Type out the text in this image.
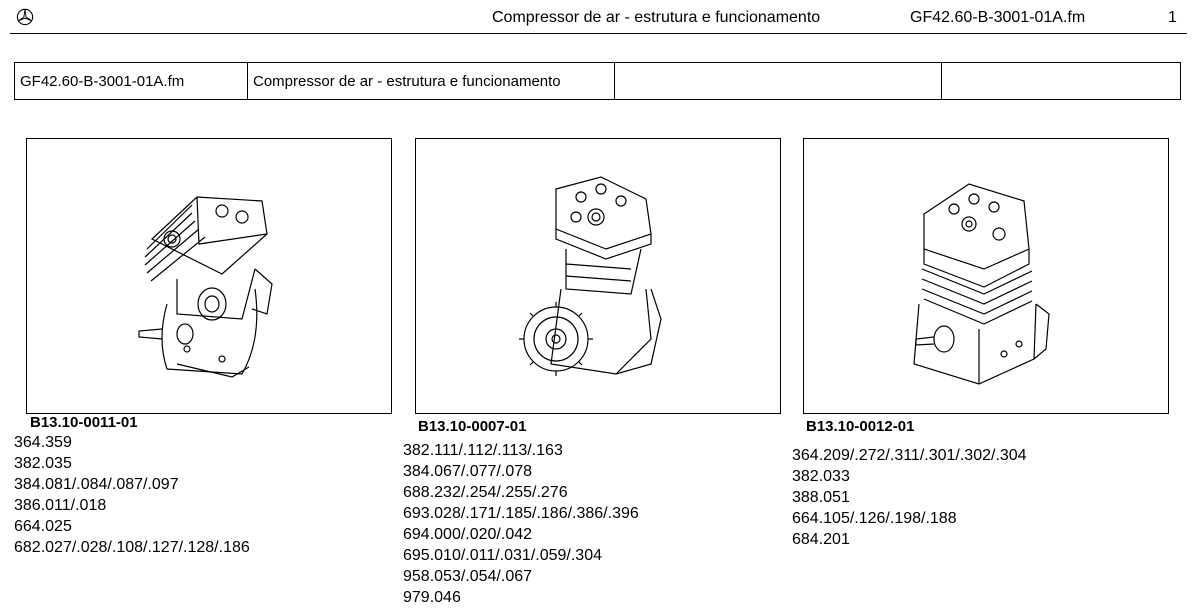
Compressor de ar - estrutura e funcionamento	GF42.60-B-3001-01A.fm	1
GF42.60-B-3001-01A.fm	Compressor de ar - estrutura e funcionamento		
B13.10-0011-01
364.359
382.035
384.081/.084/.087/.097
386.011/.018
664.025
682.027/.028/.108/.127/.128/.186
B13.10-0007-01
382.111/.112/.113/.163
384.067/.077/.078
688.232/.254/.255/.276
693.028/.171/.185/.186/.386/.396
694.000/.020/.042
695.010/.011/.031/.059/.304
958.053/.054/.067
979.046
B13.10-0012-01
364.209/.272/.311/.301/.302/.304
382.033
388.051
664.105/.126/.198/.188
684.201
